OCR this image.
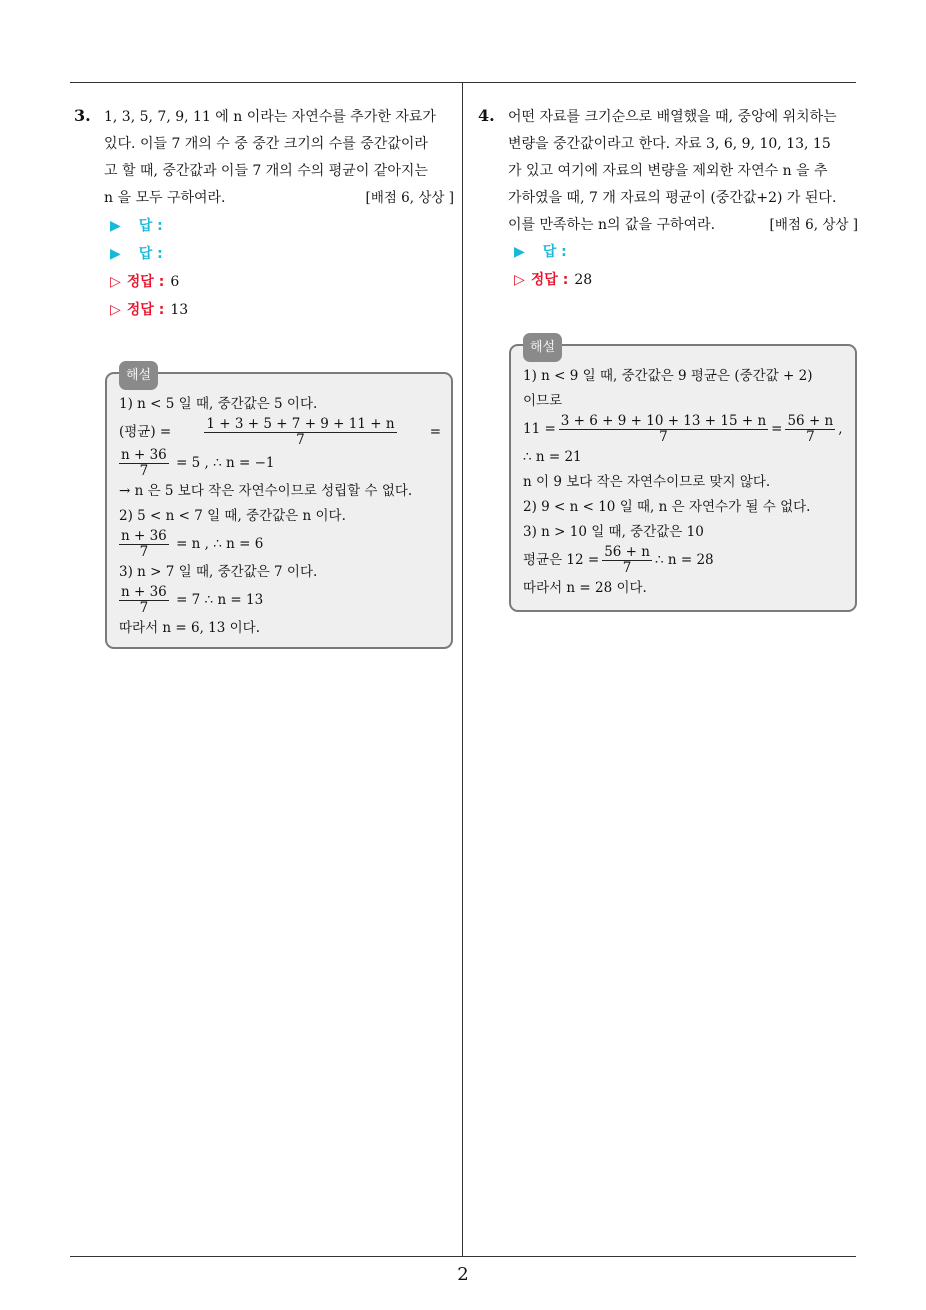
2
3. 1, 3, 5, 7, 9, 11 에 n 이라는 자연수를 추가한 자료가
있다. 이들 7 개의 수 중 중간 크기의 수를 중간값이라
고 할 때, 중간값과 이들 7 개의 수의 평균이 같아지는
n 을 모두 구하여라.	[배점 6, 상상 ]
▶ 답 :
▶ 답 :
▷ 정답 : 6
▷ 정답 : 13
해설
1) n < 5 일 때, 중간값은 5 이다.
(평균) = $\frac{1 + 3 + 5 + 7 + 9 + 11 + n}{7}$ =
$\frac{n + 36}{7} = 5$ , ∴ n = −1
→ n 은 5 보다 작은 자연수이므로 성립할 수 없다.
2) 5 < n < 7 일 때, 중간값은 n 이다.
$\frac{n + 36}{7} = n$ , ∴ n = 6
3) n > 7 일 때, 중간값은 7 이다.
$\frac{n + 36}{7} = 7$ ∴ n = 13
따라서 n = 6, 13 이다.
4. 어떤 자료를 크기순으로 배열했을 때, 중앙에 위치하는
변량을 중간값이라고 한다. 자료 3, 6, 9, 10, 13, 15
가 있고 여기에 자료의 변량을 제외한 자연수 n 을 추
가하였을 때, 7 개 자료의 평균이 (중간값+2) 가 된다.
이를 만족하는 n의 값을 구하여라.	[배점 6, 상상 ]
▶ 답 :
▷ 정답 : 28
해설
1) n < 9 일 때, 중간값은 9 평균은 (중간값 + 2)
이므로
$11 = \frac{3 + 6 + 9 + 10 + 13 + 15 + n}{7} = \frac{56 + n}{7}$ ,
∴ n = 21
n 이 9 보다 작은 자연수이므로 맞지 않다.
2) 9 < n < 10 일 때, n 은 자연수가 될 수 없다.
3) n > 10 일 때, 중간값은 10
평균은 $12 = \frac{56 + n}{7}$ ∴ n = 28
따라서 n = 28 이다.
